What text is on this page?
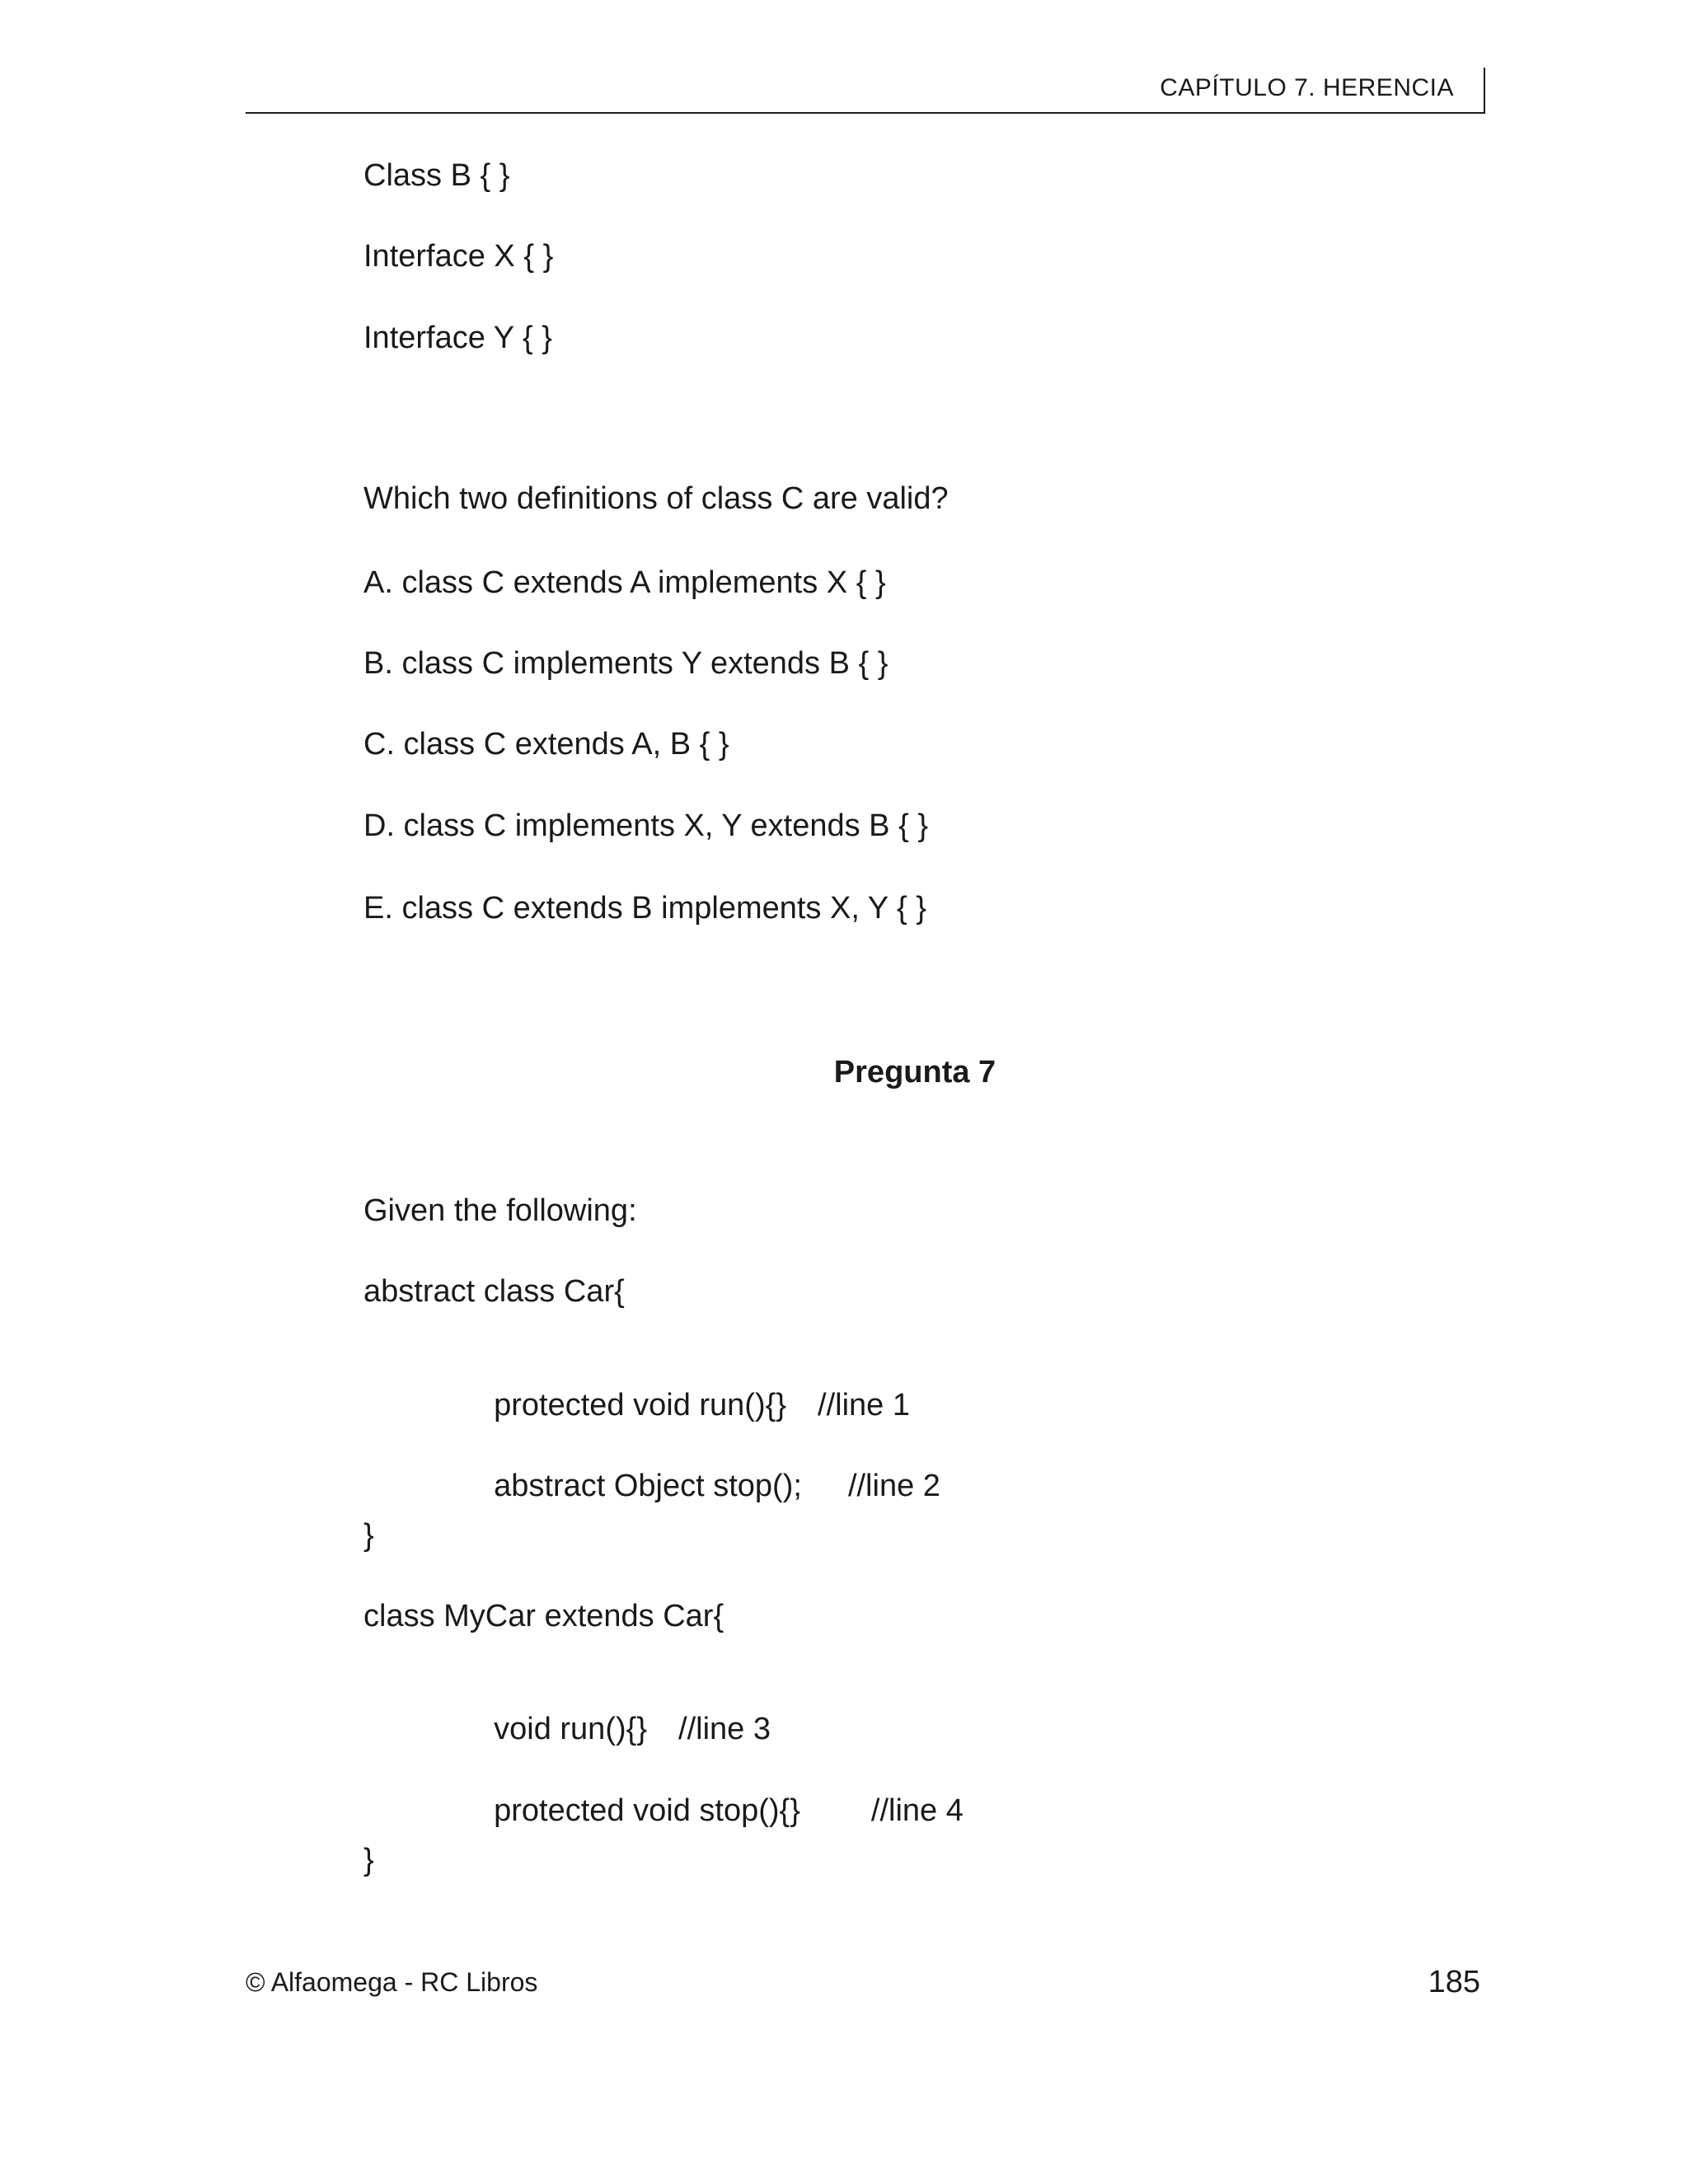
CAPÍTULO 7. HERENCIA
Class B { }
Interface X { }
Interface Y { }
Which two definitions of class C are valid?
A. class C extends A implements X { }
B. class C implements Y extends B { }
C. class C extends A, B { }
D. class C implements X, Y extends B { }
E. class C extends B implements X, Y { }
Pregunta 7
Given the following:
abstract class Car{

protected void run(){} //line 1

abstract Object stop(); //line 2

}
class MyCar extends Car{

void run(){} //line 3

protected void stop(){} //line 4

}
© Alfaomega - RC Libros	185
